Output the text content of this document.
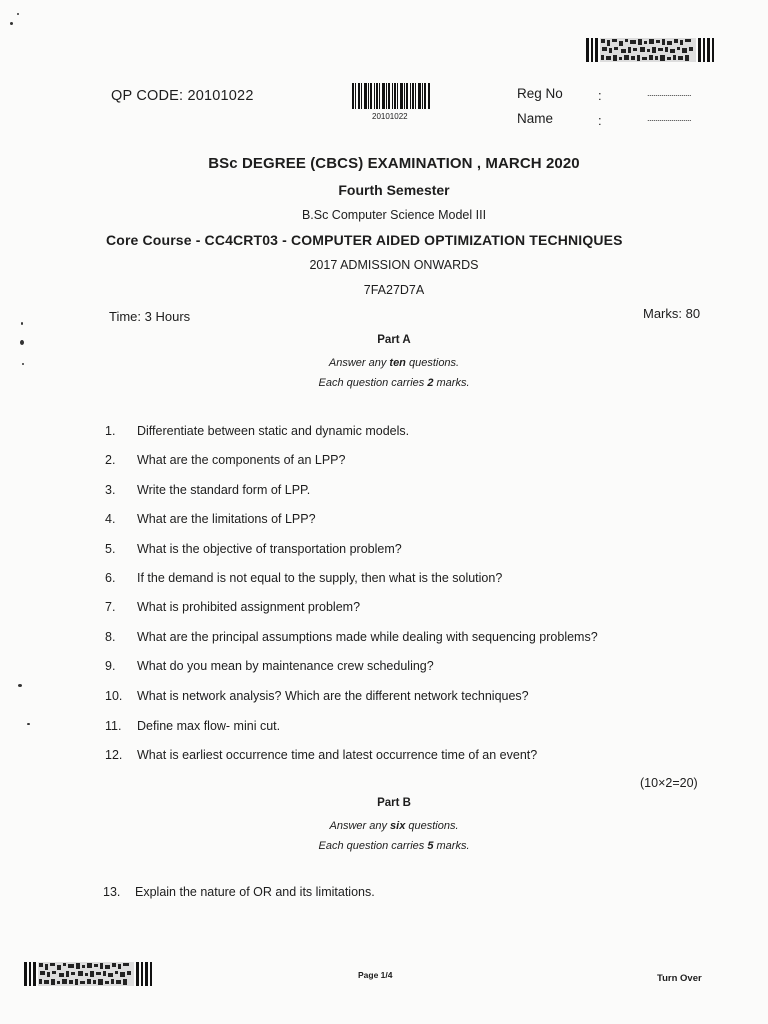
QP CODE: 20101022
20101022
Reg No	:	......................
Name	:	......................
BSc DEGREE (CBCS) EXAMINATION , MARCH 2020
Fourth Semester
B.Sc Computer Science Model III
Core Course - CC4CRT03 - COMPUTER AIDED OPTIMIZATION TECHNIQUES
2017 ADMISSION ONWARDS
7FA27D7A
Time: 3 Hours	Marks: 80
Part A
Answer any ten questions.
Each question carries 2 marks.
1. Differentiate between static and dynamic models.
2. What are the components of an LPP?
3. Write the standard form of LPP.
4. What are the limitations of LPP?
5. What is the objective of transportation problem?
6. If the demand is not equal to the supply, then what is the solution?
7. What is prohibited assignment problem?
8. What are the principal assumptions made while dealing with sequencing problems?
9. What do you mean by maintenance crew scheduling?
10. What is network analysis? Which are the different network techniques?
11. Define max flow- mini cut.
12. What is earliest occurrence time and latest occurrence time of an event?
(10×2=20)
Part B
Answer any six questions.
Each question carries 5 marks.
13. Explain the nature of OR and its limitations.
Page 1/4	Turn Over
